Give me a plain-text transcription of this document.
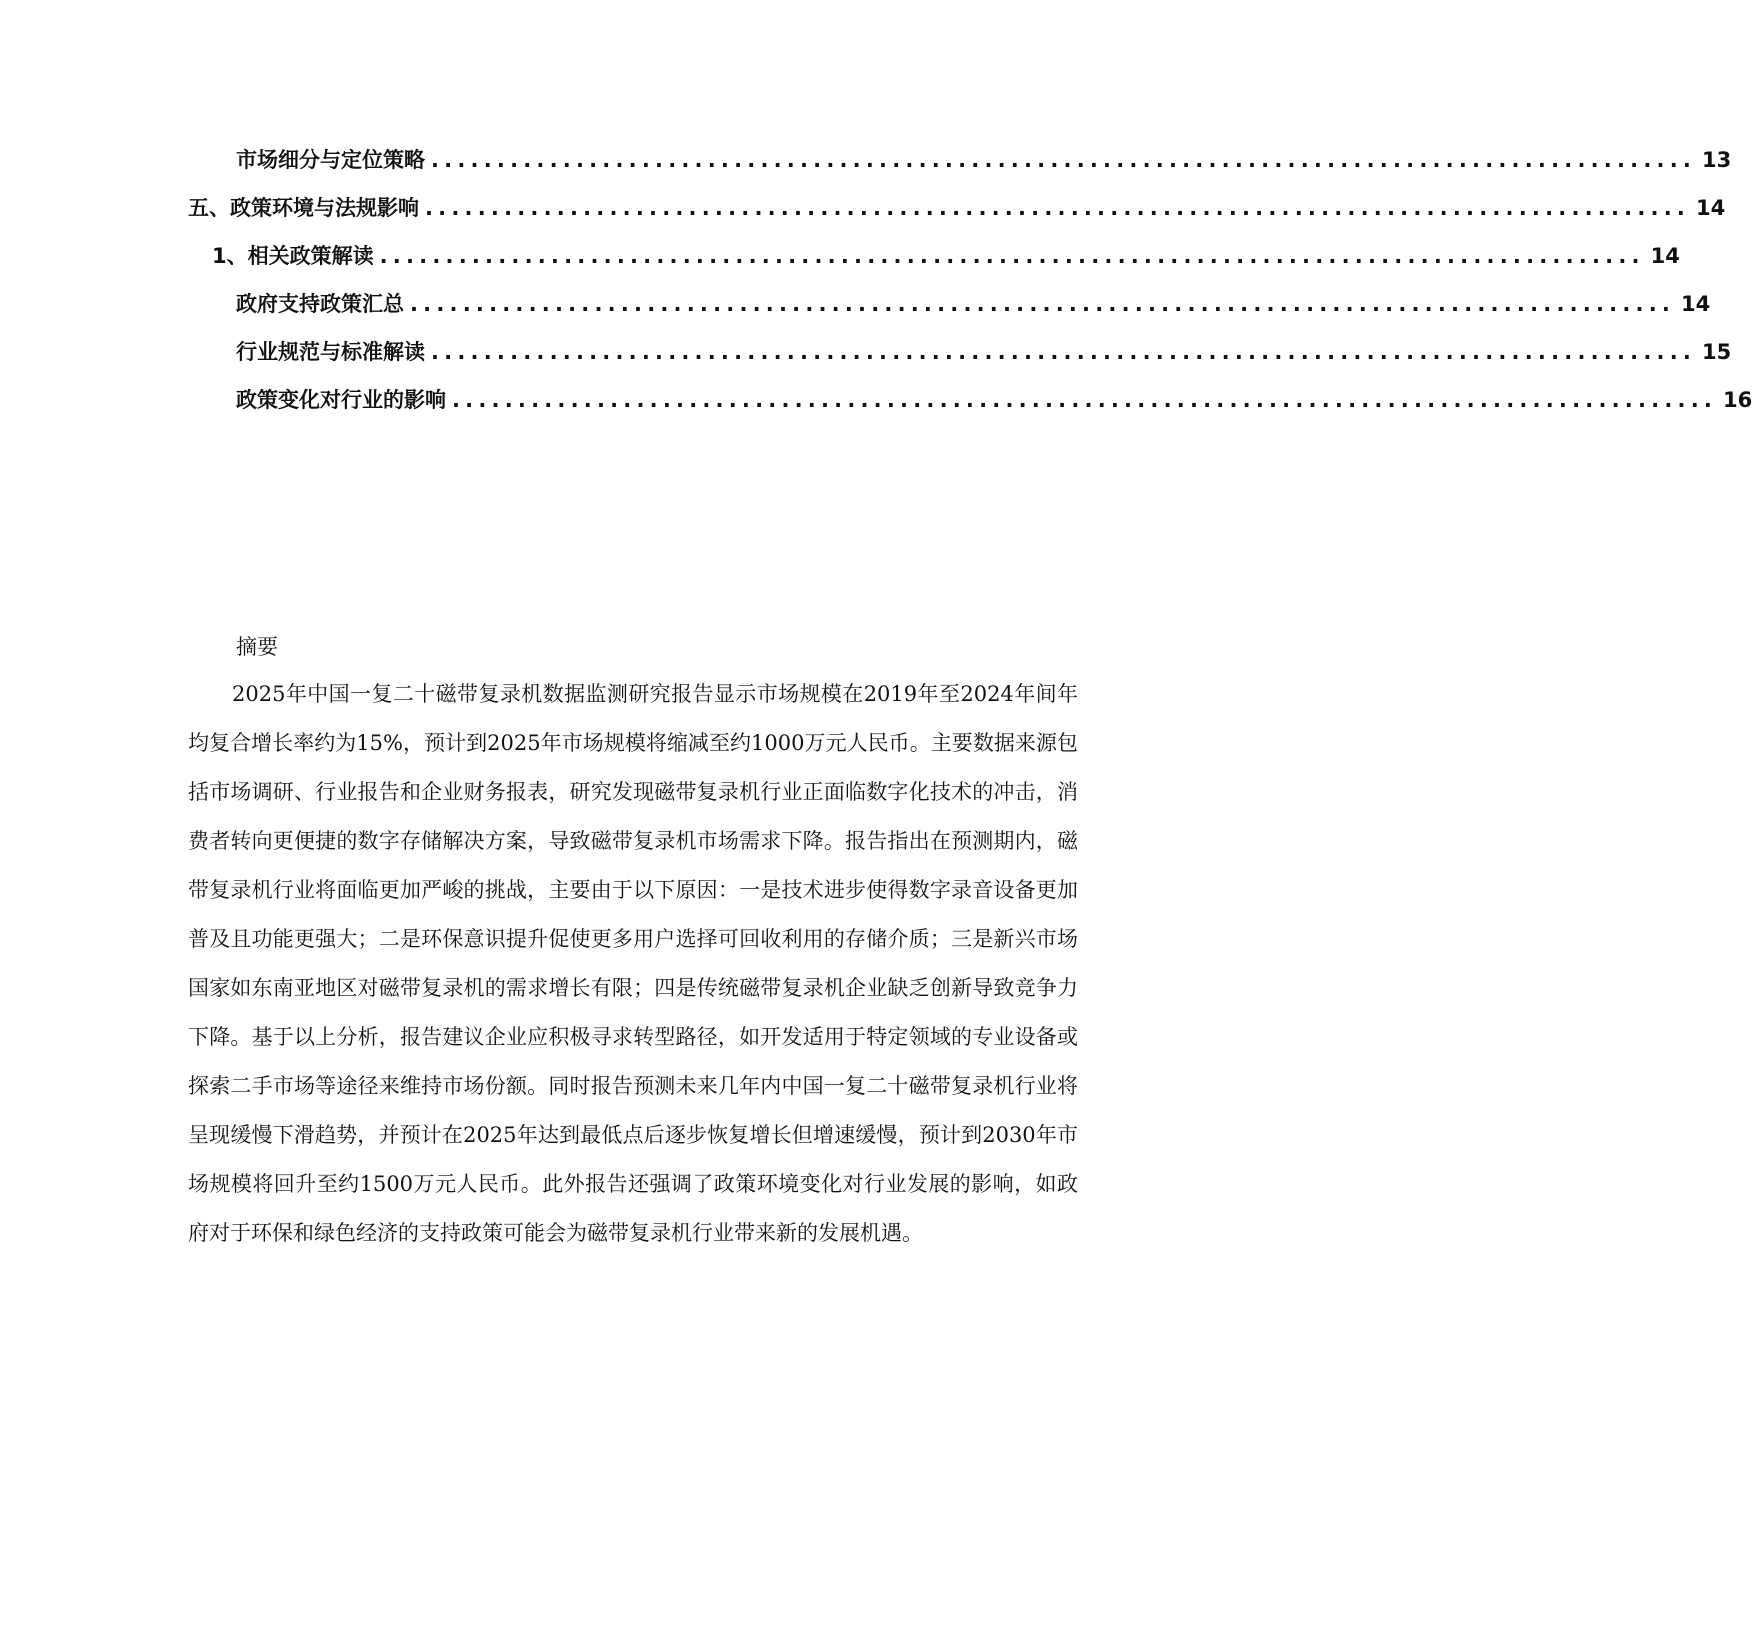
市场细分与定位策略 ................................................................................................ 13
五、政策环境与法规影响 ................................................................................................ 14
1、相关政策解读 ................................................................................................ 14
政府支持政策汇总 ................................................................................................ 14
行业规范与标准解读 ................................................................................................ 15
政策变化对行业的影响 ................................................................................................ 16
摘要

2025年中国一复二十磁带复录机数据监测研究报告显示市场规模在2019年至2024年间年均复合增长率约为15%，预计到2025年市场规模将缩减至约1000万元人民币。主要数据来源包括市场调研、行业报告和企业财务报表，研究发现磁带复录机行业正面临数字化技术的冲击，消费者转向更便捷的数字存储解决方案，导致磁带复录机市场需求下降。报告指出在预测期内，磁带复录机行业将面临更加严峻的挑战，主要由于以下原因：一是技术进步使得数字录音设备更加普及且功能更强大；二是环保意识提升促使更多用户选择可回收利用的存储介质；三是新兴市场国家如东南亚地区对磁带复录机的需求增长有限；四是传统磁带复录机企业缺乏创新导致竞争力下降。基于以上分析，报告建议企业应积极寻求转型路径，如开发适用于特定领域的专业设备或探索二手市场等途径来维持市场份额。同时报告预测未来几年内中国一复二十磁带复录机行业将呈现缓慢下滑趋势，并预计在2025年达到最低点后逐步恢复增长但增速缓慢，预计到2030年市场规模将回升至约1500万元人民币。此外报告还强调了政策环境变化对行业发展的影响，如政府对于环保和绿色经济的支持政策可能会为磁带复录机行业带来新的发展机遇。
